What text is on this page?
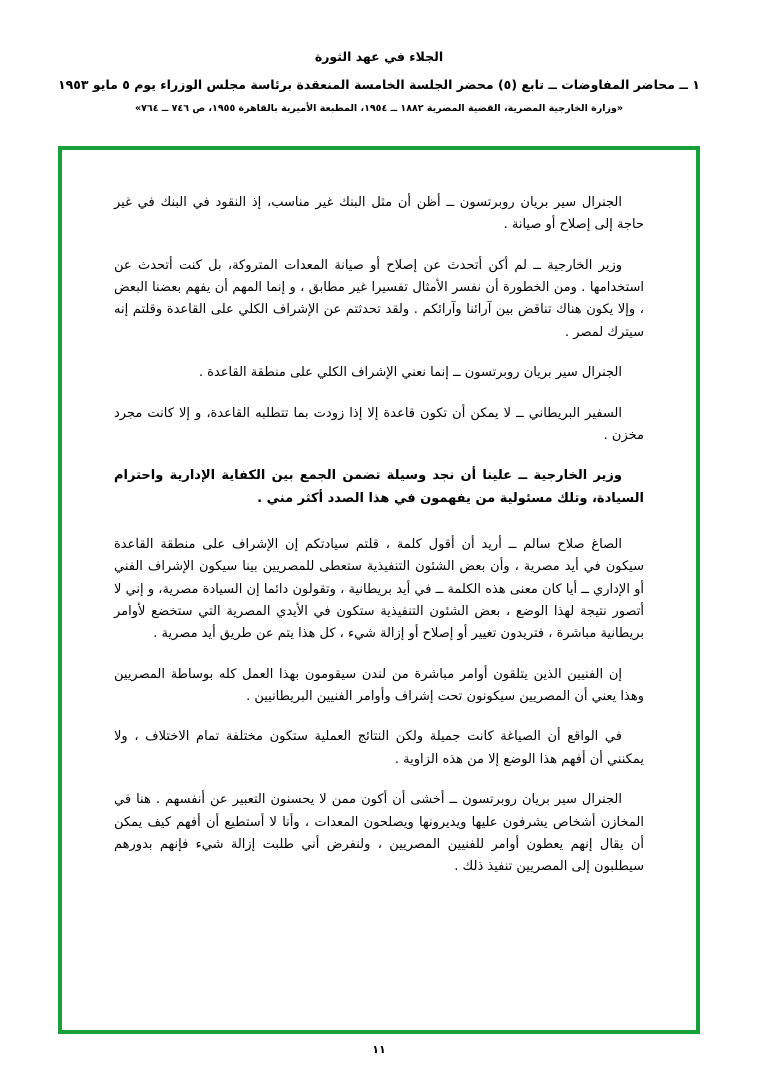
الجلاء في عهد الثورة
١ ــ محاضر المفاوضات ــ تابع (٥) محضر الجلسة الخامسة المنعقدة برئاسة مجلس الوزراء يوم ٥ مايو ١٩٥٣
«وزارة الخارجية المصرية، القضية المصرية ١٨٨٢ ــ ١٩٥٤، المطبعة الأميرية بالقاهرة ١٩٥٥، ص ٧٤٦ ــ ٧٦٤»

الجنرال سير بريان روبرتسون ــ أظن أن مثل البنك غير مناسب، إذ النقود في البنك في غير حاجة إلى إصلاح أو صيانة .

وزير الخارجية ــ لم أكن أتحدث عن إصلاح أو صيانة المعدات المتروكة، بل كنت أتحدث عن استخدامها . ومن الخطورة أن نفسر الأمثال تفسيرا غير مطابق ، و إنما المهم أن يفهم بعضنا البعض ، وإلا يكون هناك تناقض بين آرائنا وآرائكم . ولقد تحدثتم عن الإشراف الكلي على القاعدة وقلتم إنه سيترك لمصر .

الجنرال سير بريان روبرتسون ــ إنما نعني الإشراف الكلي على منطقة القاعدة .

السفير البريطاني ــ لا يمكن أن تكون قاعدة إلا إذا زودت بما تتطلبه القاعدة، و إلا كانت مجرد مخزن .

وزير الخارجية ــ علينا أن نجد وسيلة تضمن الجمع بين الكفاية الإدارية واحترام السيادة، وتلك مسئولية من يفهمون في هذا الصدد أكثر مني .

الصاغ صلاح سالم ــ أريد أن أقول كلمة ، قلتم سيادتكم إن الإشراف على منطقة القاعدة سيكون في أيد مصرية ، وأن بعض الشئون التنفيذية ستعطى للمصريين بينا سيكون الإشراف الفني أو الإداري ــ أيا كان معنى هذه الكلمة ــ في أيد بريطانية ، وتقولون دائما إن السيادة مصرية، و إني لا أتصور نتيجة لهذا الوضع ، بعض الشئون التنفيذية ستكون في الأيدي المصرية التي ستخضع لأوامر بريطانية مباشرة ، فتريدون تغيير أو إصلاح أو إزالة شيء ، كل هذا يتم عن طريق أيد مصرية .

إن الفنيين الذين يتلقون أوامر مباشرة من لندن سيقومون بهذا العمل كله بوساطة المصريين وهذا يعني أن المصريين سيكونون تحت إشراف وأوامر الفنيين البريطانيين .

في الواقع أن الصياغة كانت جميلة ولكن النتائج العملية ستكون مختلفة تمام الاختلاف ، ولا يمكنني أن أفهم هذا الوضع إلا من هذه الزاوية .

الجنرال سير بريان روبرتسون ــ أخشى أن أكون ممن لا يحسنون التعبير عن أنفسهم . هنا في المخازن أشخاص يشرفون عليها ويديرونها ويصلحون المعدات ، وأنا لا أستطيع أن أفهم كيف يمكن أن يقال إنهم يعطون أوامر للفنيين المصريين ، ولنفرض أني طلبت إزالة شيء فإنهم بدورهم سيطلبون إلى المصريين تنفيذ ذلك .

١١
